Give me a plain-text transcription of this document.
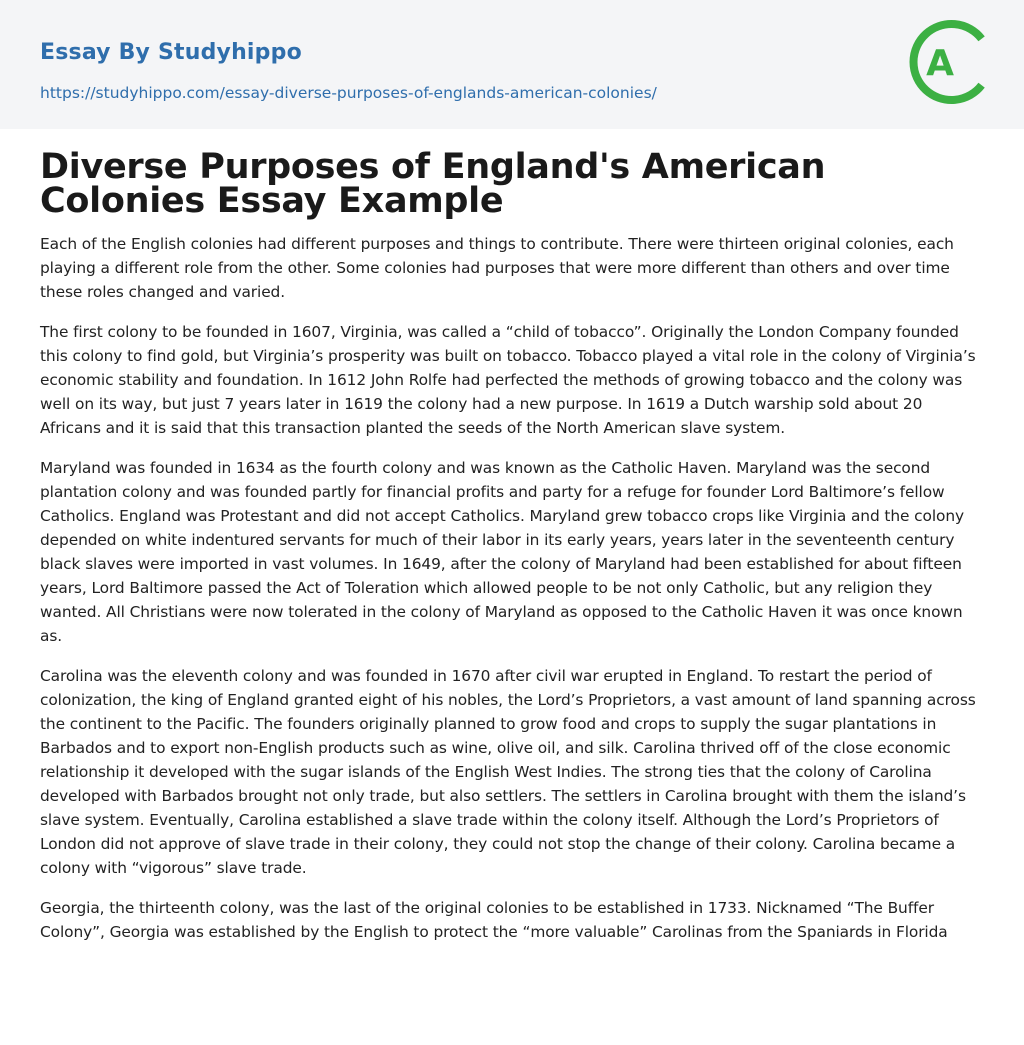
Essay By Studyhippo
https://studyhippo.com/essay-diverse-purposes-of-englands-american-colonies/
A
Diverse Purposes of England's American Colonies Essay Example

Each of the English colonies had different purposes and things to contribute. There were thirteen original colonies, each playing a different role from the other. Some colonies had purposes that were more different than others and over time these roles changed and varied.

The first colony to be founded in 1607, Virginia, was called a “child of tobacco”. Originally the London Company founded this colony to find gold, but Virginia’s prosperity was built on tobacco. Tobacco played a vital role in the colony of Virginia’s economic stability and foundation. In 1612 John Rolfe had perfected the methods of growing tobacco and the colony was well on its way, but just 7 years later in 1619 the colony had a new purpose. In 1619 a Dutch warship sold about 20 Africans and it is said that this transaction planted the seeds of the North American slave system.

Maryland was founded in 1634 as the fourth colony and was known as the Catholic Haven. Maryland was the second plantation colony and was founded partly for financial profits and party for a refuge for founder Lord Baltimore’s fellow Catholics. England was Protestant and did not accept Catholics. Maryland grew tobacco crops like Virginia and the colony depended on white indentured servants for much of their labor in its early years, years later in the seventeenth century black slaves were imported in vast volumes. In 1649, after the colony of Maryland had been established for about fifteen years, Lord Baltimore passed the Act of Toleration which allowed people to be not only Catholic, but any religion they wanted. All Christians were now tolerated in the colony of Maryland as opposed to the Catholic Haven it was once known as.

Carolina was the eleventh colony and was founded in 1670 after civil war erupted in England. To restart the period of colonization, the king of England granted eight of his nobles, the Lord’s Proprietors, a vast amount of land spanning across the continent to the Pacific. The founders originally planned to grow food and crops to supply the sugar plantations in Barbados and to export non-English products such as wine, olive oil, and silk. Carolina thrived off of the close economic relationship it developed with the sugar islands of the English West Indies. The strong ties that the colony of Carolina developed with Barbados brought not only trade, but also settlers. The settlers in Carolina brought with them the island’s slave system. Eventually, Carolina established a slave trade within the colony itself. Although the Lord’s Proprietors of London did not approve of slave trade in their colony, they could not stop the change of their colony. Carolina became a colony with “vigorous” slave trade.

Georgia, the thirteenth colony, was the last of the original colonies to be established in 1733. Nicknamed “The Buffer Colony”, Georgia was established by the English to protect the “more valuable” Carolinas from the Spaniards in Florida
